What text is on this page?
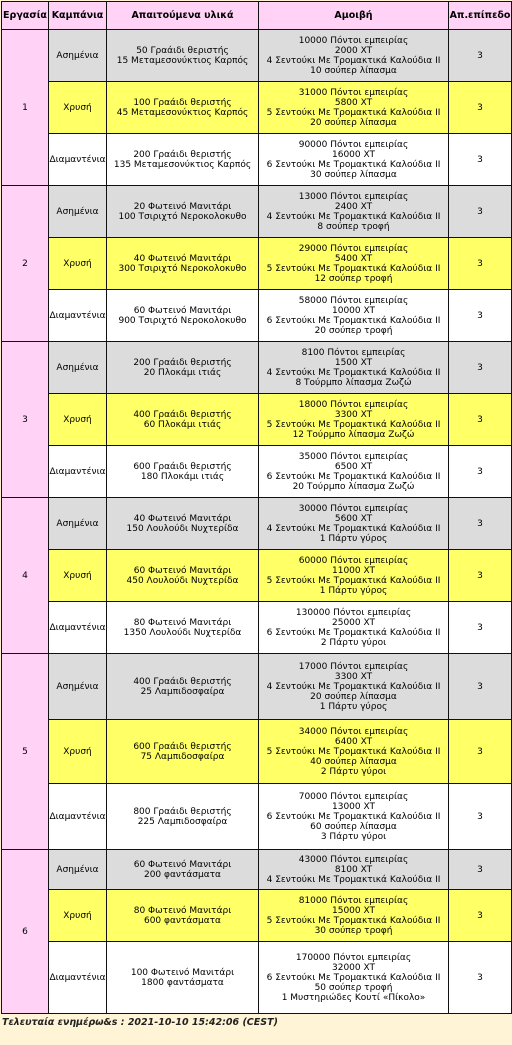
Εργασία	Καμπάνια	Απαιτούμενα υλικά	Αμοιβή	Απ.επίπεδο
1	Ασημένια	50 Γραάιδι θεριστής
15 Μεταμεσονύκτιος Καρπός	10000 Πόντοι εμπειρίας
2000 XT
4 Σεντούκι Με Τρομακτικά Καλούδια II
10 σούπερ λίπασμα	3
	Χρυσή	100 Γραάιδι θεριστής
45 Μεταμεσονύκτιος Καρπός	31000 Πόντοι εμπειρίας
5800 XT
5 Σεντούκι Με Τρομακτικά Καλούδια II
20 σούπερ λίπασμα	3
	Διαμαντένια	200 Γραάιδι θεριστής
135 Μεταμεσονύκτιος Καρπός	90000 Πόντοι εμπειρίας
16000 XT
6 Σεντούκι Με Τρομακτικά Καλούδια II
30 σούπερ λίπασμα	3
2	Ασημένια	20 Φωτεινό Μανιτάρι
100 Τσιριχτό Νεροκολοκυθο	13000 Πόντοι εμπειρίας
2400 XT
4 Σεντούκι Με Τρομακτικά Καλούδια II
8 σούπερ τροφή	3
	Χρυσή	40 Φωτεινό Μανιτάρι
300 Τσιριχτό Νεροκολοκυθο	29000 Πόντοι εμπειρίας
5400 XT
5 Σεντούκι Με Τρομακτικά Καλούδια II
12 σούπερ τροφή	3
	Διαμαντένια	60 Φωτεινό Μανιτάρι
900 Τσιριχτό Νεροκολοκυθο	58000 Πόντοι εμπειρίας
10000 XT
6 Σεντούκι Με Τρομακτικά Καλούδια II
20 σούπερ τροφή	3
3	Ασημένια	200 Γραάιδι θεριστής
20 Πλοκάμι ιτιάς	8100 Πόντοι εμπειρίας
1500 XT
4 Σεντούκι Με Τρομακτικά Καλούδια II
8 Τούρμπο λίπασμα Ζωζώ	3
	Χρυσή	400 Γραάιδι θεριστής
60 Πλοκάμι ιτιάς	18000 Πόντοι εμπειρίας
3300 XT
5 Σεντούκι Με Τρομακτικά Καλούδια II
12 Τούρμπο λίπασμα Ζωζώ	3
	Διαμαντένια	600 Γραάιδι θεριστής
180 Πλοκάμι ιτιάς	35000 Πόντοι εμπειρίας
6500 XT
6 Σεντούκι Με Τρομακτικά Καλούδια II
20 Τούρμπο λίπασμα Ζωζώ	3
4	Ασημένια	40 Φωτεινό Μανιτάρι
150 Λουλούδι Νυχτερίδα	30000 Πόντοι εμπειρίας
5600 XT
4 Σεντούκι Με Τρομακτικά Καλούδια II
1 Πάρτυ γύρος	3
	Χρυσή	60 Φωτεινό Μανιτάρι
450 Λουλούδι Νυχτερίδα	60000 Πόντοι εμπειρίας
11000 XT
5 Σεντούκι Με Τρομακτικά Καλούδια II
1 Πάρτυ γύρος	3
	Διαμαντένια	80 Φωτεινό Μανιτάρι
1350 Λουλούδι Νυχτερίδα	130000 Πόντοι εμπειρίας
25000 XT
6 Σεντούκι Με Τρομακτικά Καλούδια II
2 Πάρτυ γύροι	3
5	Ασημένια	400 Γραάιδι θεριστής
25 Λαμπιδοσφαίρα	17000 Πόντοι εμπειρίας
3300 XT
4 Σεντούκι Με Τρομακτικά Καλούδια II
20 σούπερ λίπασμα
1 Πάρτυ γύρος	3
	Χρυσή	600 Γραάιδι θεριστής
75 Λαμπιδοσφαίρα	34000 Πόντοι εμπειρίας
6400 XT
5 Σεντούκι Με Τρομακτικά Καλούδια II
40 σούπερ λίπασμα
2 Πάρτυ γύροι	3
	Διαμαντένια	800 Γραάιδι θεριστής
225 Λαμπιδοσφαίρα	70000 Πόντοι εμπειρίας
13000 XT
6 Σεντούκι Με Τρομακτικά Καλούδια II
60 σούπερ λίπασμα
3 Πάρτυ γύροι	3
6	Ασημένια	60 Φωτεινό Μανιτάρι
200 φαντάσματα	43000 Πόντοι εμπειρίας
8100 XT
4 Σεντούκι Με Τρομακτικά Καλούδια II	3
	Χρυσή	80 Φωτεινό Μανιτάρι
600 φαντάσματα	81000 Πόντοι εμπειρίας
15000 XT
5 Σεντούκι Με Τρομακτικά Καλούδια II
30 σούπερ τροφή	3
	Διαμαντένια	100 Φωτεινό Μανιτάρι
1800 φαντάσματα	170000 Πόντοι εμπειρίας
32000 XT
6 Σεντούκι Με Τρομακτικά Καλούδια II
50 σούπερ τροφή
1 Μυστηριώδες Κουτί «Πίκολο»	3
Τελευταία ενημέρω&s : 2021-10-10 15:42:06 (CEST)
